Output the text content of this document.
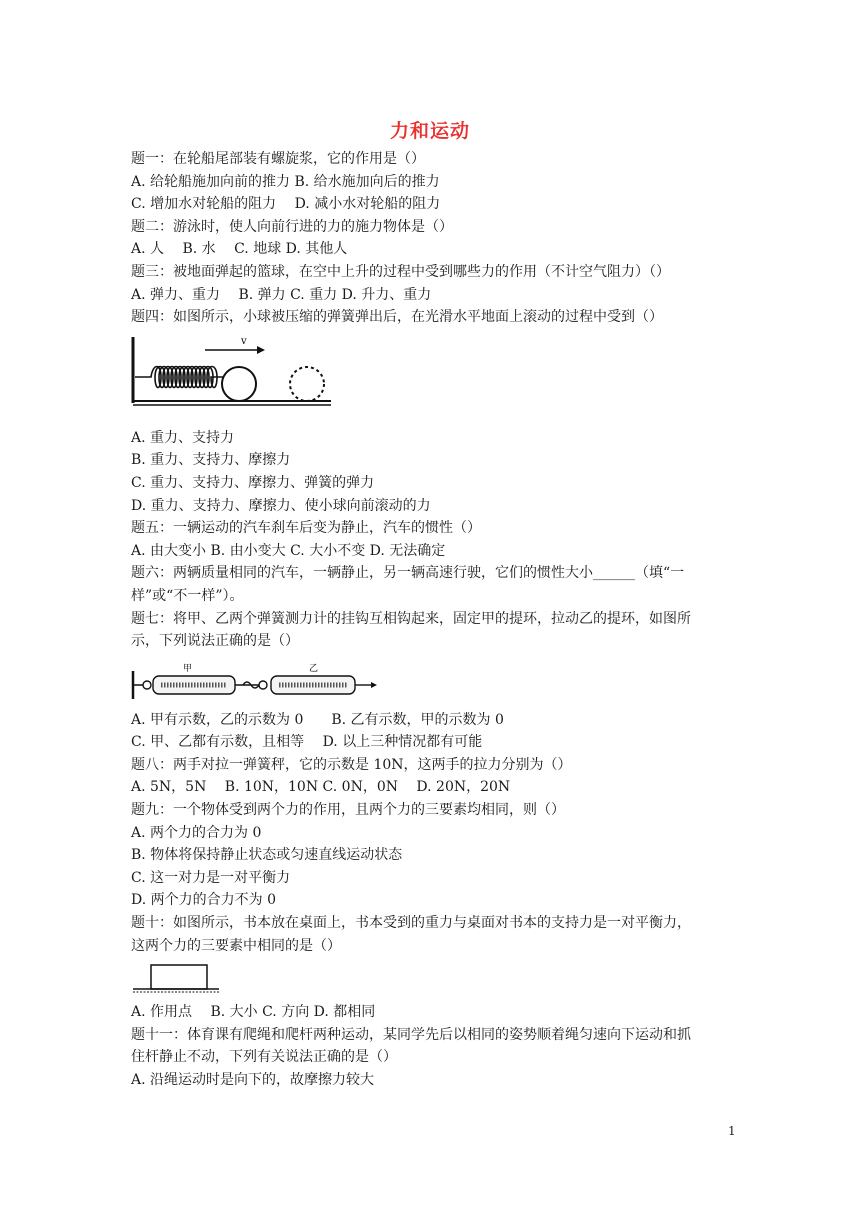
力和运动
题一：在轮船尾部装有螺旋浆，它的作用是（）
A. 给轮船施加向前的推力 B. 给水施加向后的推力
C. 增加水对轮船的阻力　 D. 减小水对轮船的阻力
题二：游泳时，使人向前行进的力的施力物体是（）
A. 人　 B. 水　 C. 地球 D. 其他人
题三：被地面弹起的篮球，在空中上升的过程中受到哪些力的作用（不计空气阻力）（）
A. 弹力、重力　 B. 弹力 C. 重力 D. 升力、重力
题四：如图所示，小球被压缩的弹簧弹出后，在光滑水平地面上滚动的过程中受到（）
v
A. 重力、支持力
B. 重力、支持力、摩擦力
C. 重力、支持力、摩擦力、弹簧的弹力
D. 重力、支持力、摩擦力、使小球向前滚动的力
题五：一辆运动的汽车刹车后变为静止，汽车的惯性（）
A. 由大变小 B. 由小变大 C. 大小不变 D. 无法确定
题六：两辆质量相同的汽车，一辆静止，另一辆高速行驶，它们的惯性大小______（填“一
样”或“不一样”）。
题七：将甲、乙两个弹簧测力计的挂钩互相钩起来，固定甲的提环，拉动乙的提环，如图所
示，下列说法正确的是（）
甲	乙
A. 甲有示数，乙的示数为 0　　B. 乙有示数，甲的示数为 0
C. 甲、乙都有示数，且相等　 D. 以上三种情况都有可能
题八：两手对拉一弹簧秤，它的示数是 10N，这两手的拉力分别为（）
A. 5N，5N　 B. 10N，10N C. 0N，0N　 D. 20N，20N
题九：一个物体受到两个力的作用，且两个力的三要素均相同，则（）
A. 两个力的合力为 0
B. 物体将保持静止状态或匀速直线运动状态
C. 这一对力是一对平衡力
D. 两个力的合力不为 0
题十：如图所示，书本放在桌面上，书本受到的重力与桌面对书本的支持力是一对平衡力，
这两个力的三要素中相同的是（）
A. 作用点　 B. 大小 C. 方向 D. 都相同
题十一：体育课有爬绳和爬杆两种运动，某同学先后以相同的姿势顺着绳匀速向下运动和抓
住杆静止不动，下列有关说法正确的是（）
A. 沿绳运动时是向下的，故摩擦力较大
1
